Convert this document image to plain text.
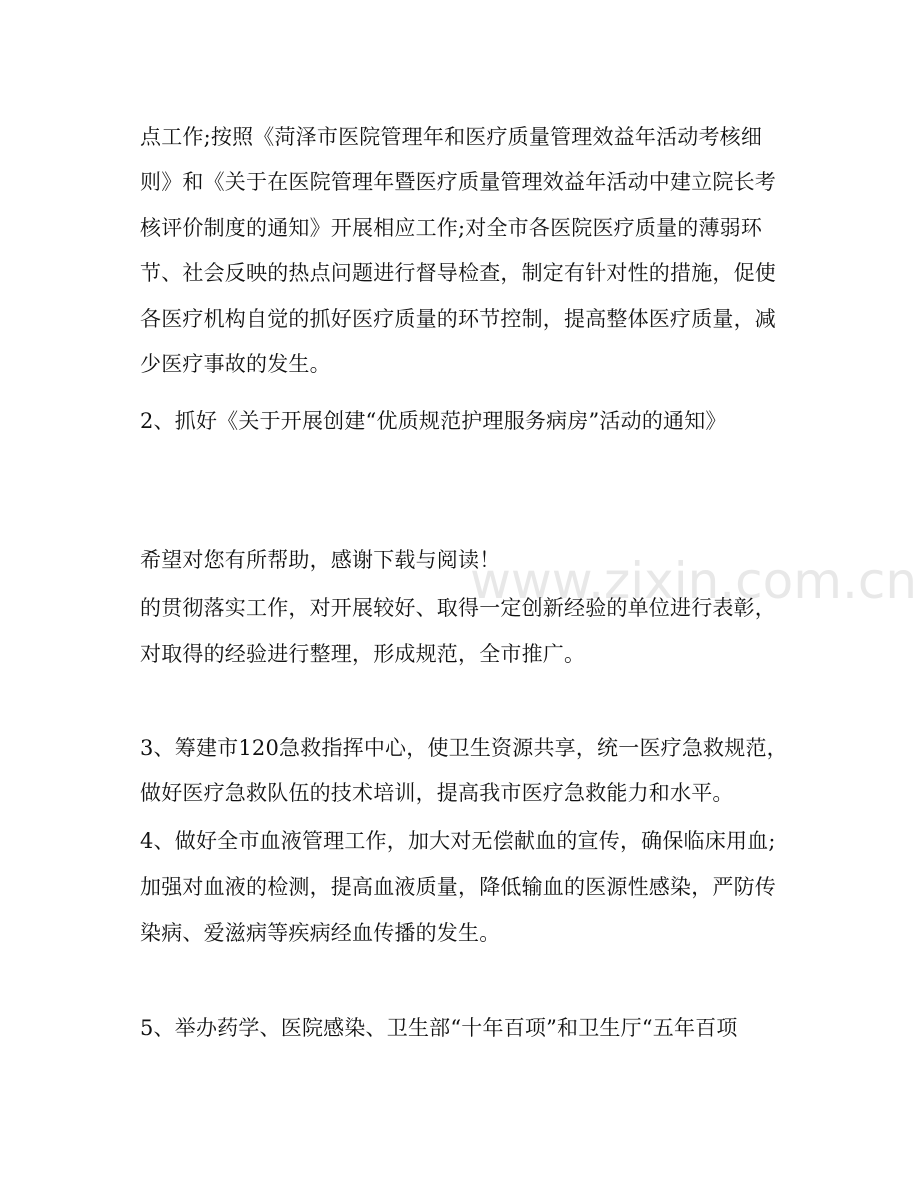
www.zixin.com.cn
点工作;按照《菏泽市医院管理年和医疗质量管理效益年活动考核细
则》和《关于在医院管理年暨医疗质量管理效益年活动中建立院长考
核评价制度的通知》开展相应工作;对全市各医院医疗质量的薄弱环
节、社会反映的热点问题进行督导检查，制定有针对性的措施，促使
各医疗机构自觉的抓好医疗质量的环节控制，提高整体医疗质量，减
少医疗事故的发生。
2、抓好《关于开展创建“优质规范护理服务病房”活动的通知》
希望对您有所帮助，感谢下载与阅读！
的贯彻落实工作，对开展较好、取得一定创新经验的单位进行表彰，
对取得的经验进行整理，形成规范，全市推广。
3、筹建市120急救指挥中心，使卫生资源共享，统一医疗急救规范，
做好医疗急救队伍的技术培训，提高我市医疗急救能力和水平。
4、做好全市血液管理工作，加大对无偿献血的宣传，确保临床用血;
加强对血液的检测，提高血液质量，降低输血的医源性感染，严防传
染病、爱滋病等疾病经血传播的发生。
5、举办药学、医院感染、卫生部“十年百项”和卫生厅“五年百项
